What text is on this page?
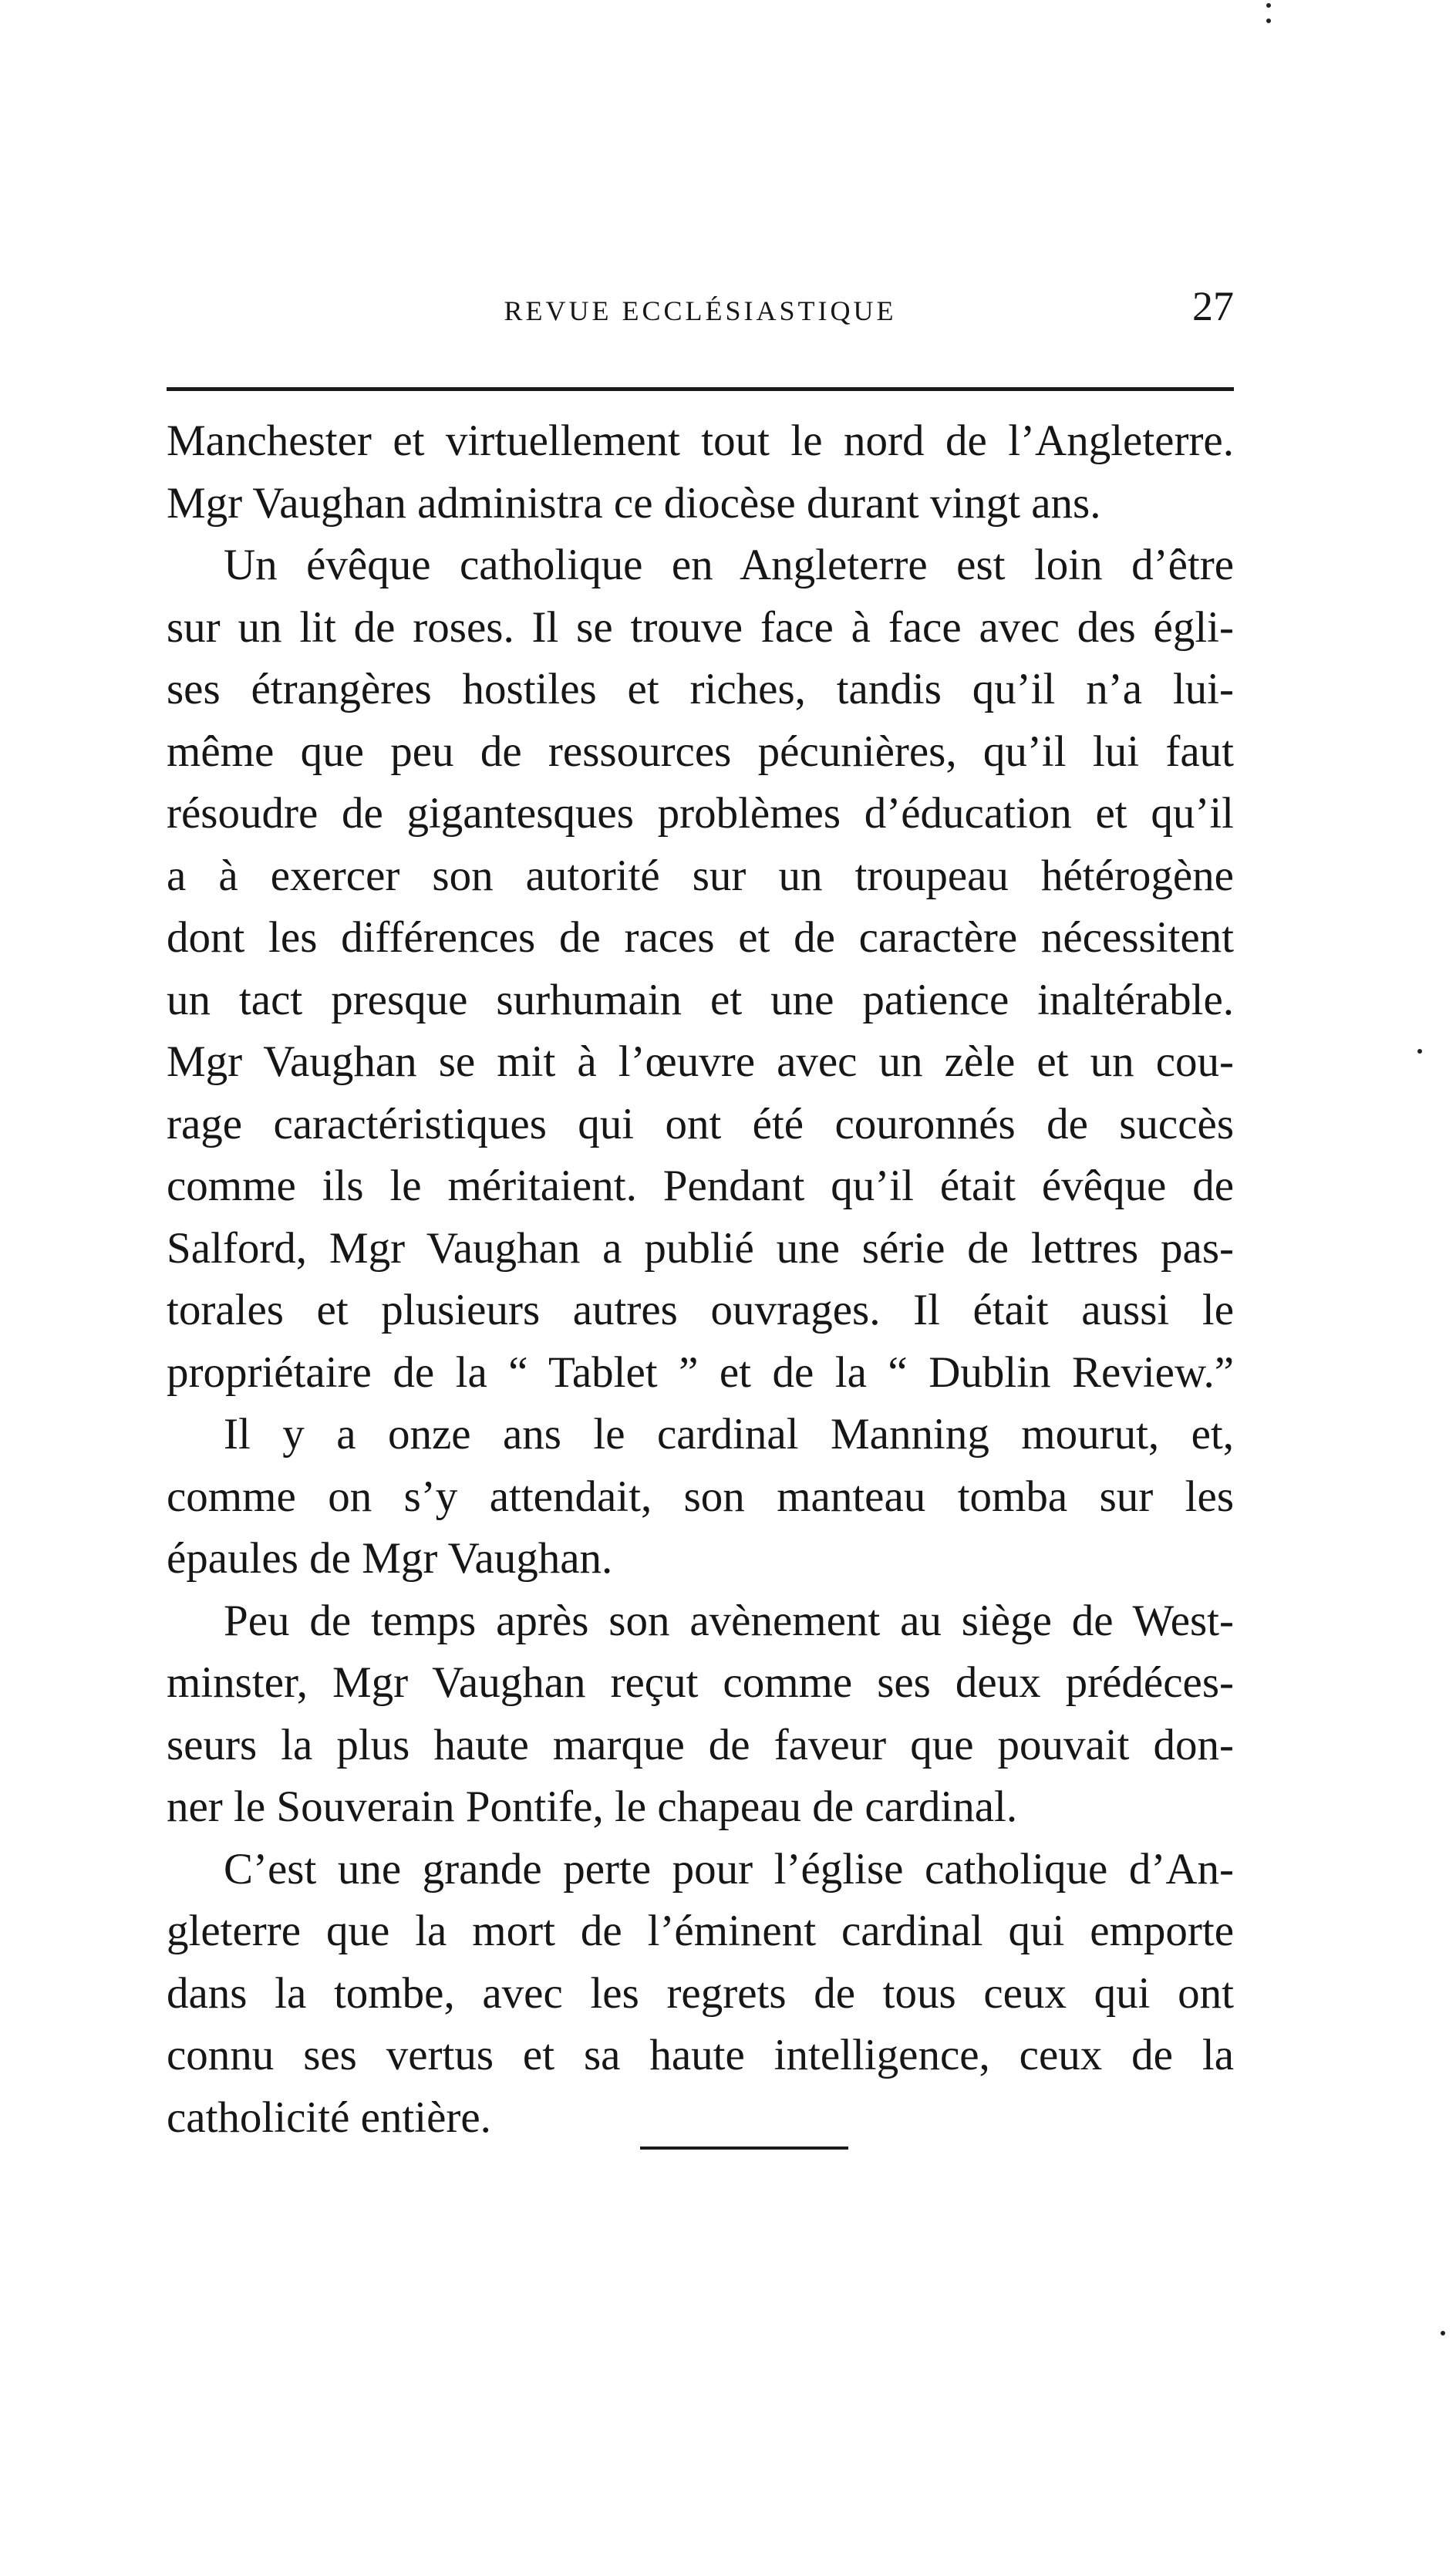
REVUE ECCLÉSIASTIQUE	27
Manchester et virtuellement tout le nord de l’Angleterre.
Mgr Vaughan administra ce diocèse durant vingt ans.
Un évêque catholique en Angleterre est loin d’être
sur un lit de roses. Il se trouve face à face avec des égli-
ses étrangères hostiles et riches, tandis qu’il n’a lui-
même que peu de ressources pécunières, qu’il lui faut
résoudre de gigantesques problèmes d’éducation et qu’il
a à exercer son autorité sur un troupeau hétérogène
dont les différences de races et de caractère nécessitent
un tact presque surhumain et une patience inaltérable.
Mgr Vaughan se mit à l’œuvre avec un zèle et un cou-
rage caractéristiques qui ont été couronnés de succès
comme ils le méritaient. Pendant qu’il était évêque de
Salford, Mgr Vaughan a publié une série de lettres pas-
torales et plusieurs autres ouvrages. Il était aussi le
propriétaire de la “ Tablet ” et de la “ Dublin Review.”
Il y a onze ans le cardinal Manning mourut, et,
comme on s’y attendait, son manteau tomba sur les
épaules de Mgr Vaughan.
Peu de temps après son avènement au siège de West-
minster, Mgr Vaughan reçut comme ses deux prédéces-
seurs la plus haute marque de faveur que pouvait don-
ner le Souverain Pontife, le chapeau de cardinal.
C’est une grande perte pour l’église catholique d’An-
gleterre que la mort de l’éminent cardinal qui emporte
dans la tombe, avec les regrets de tous ceux qui ont
connu ses vertus et sa haute intelligence, ceux de la
catholicité entière.
